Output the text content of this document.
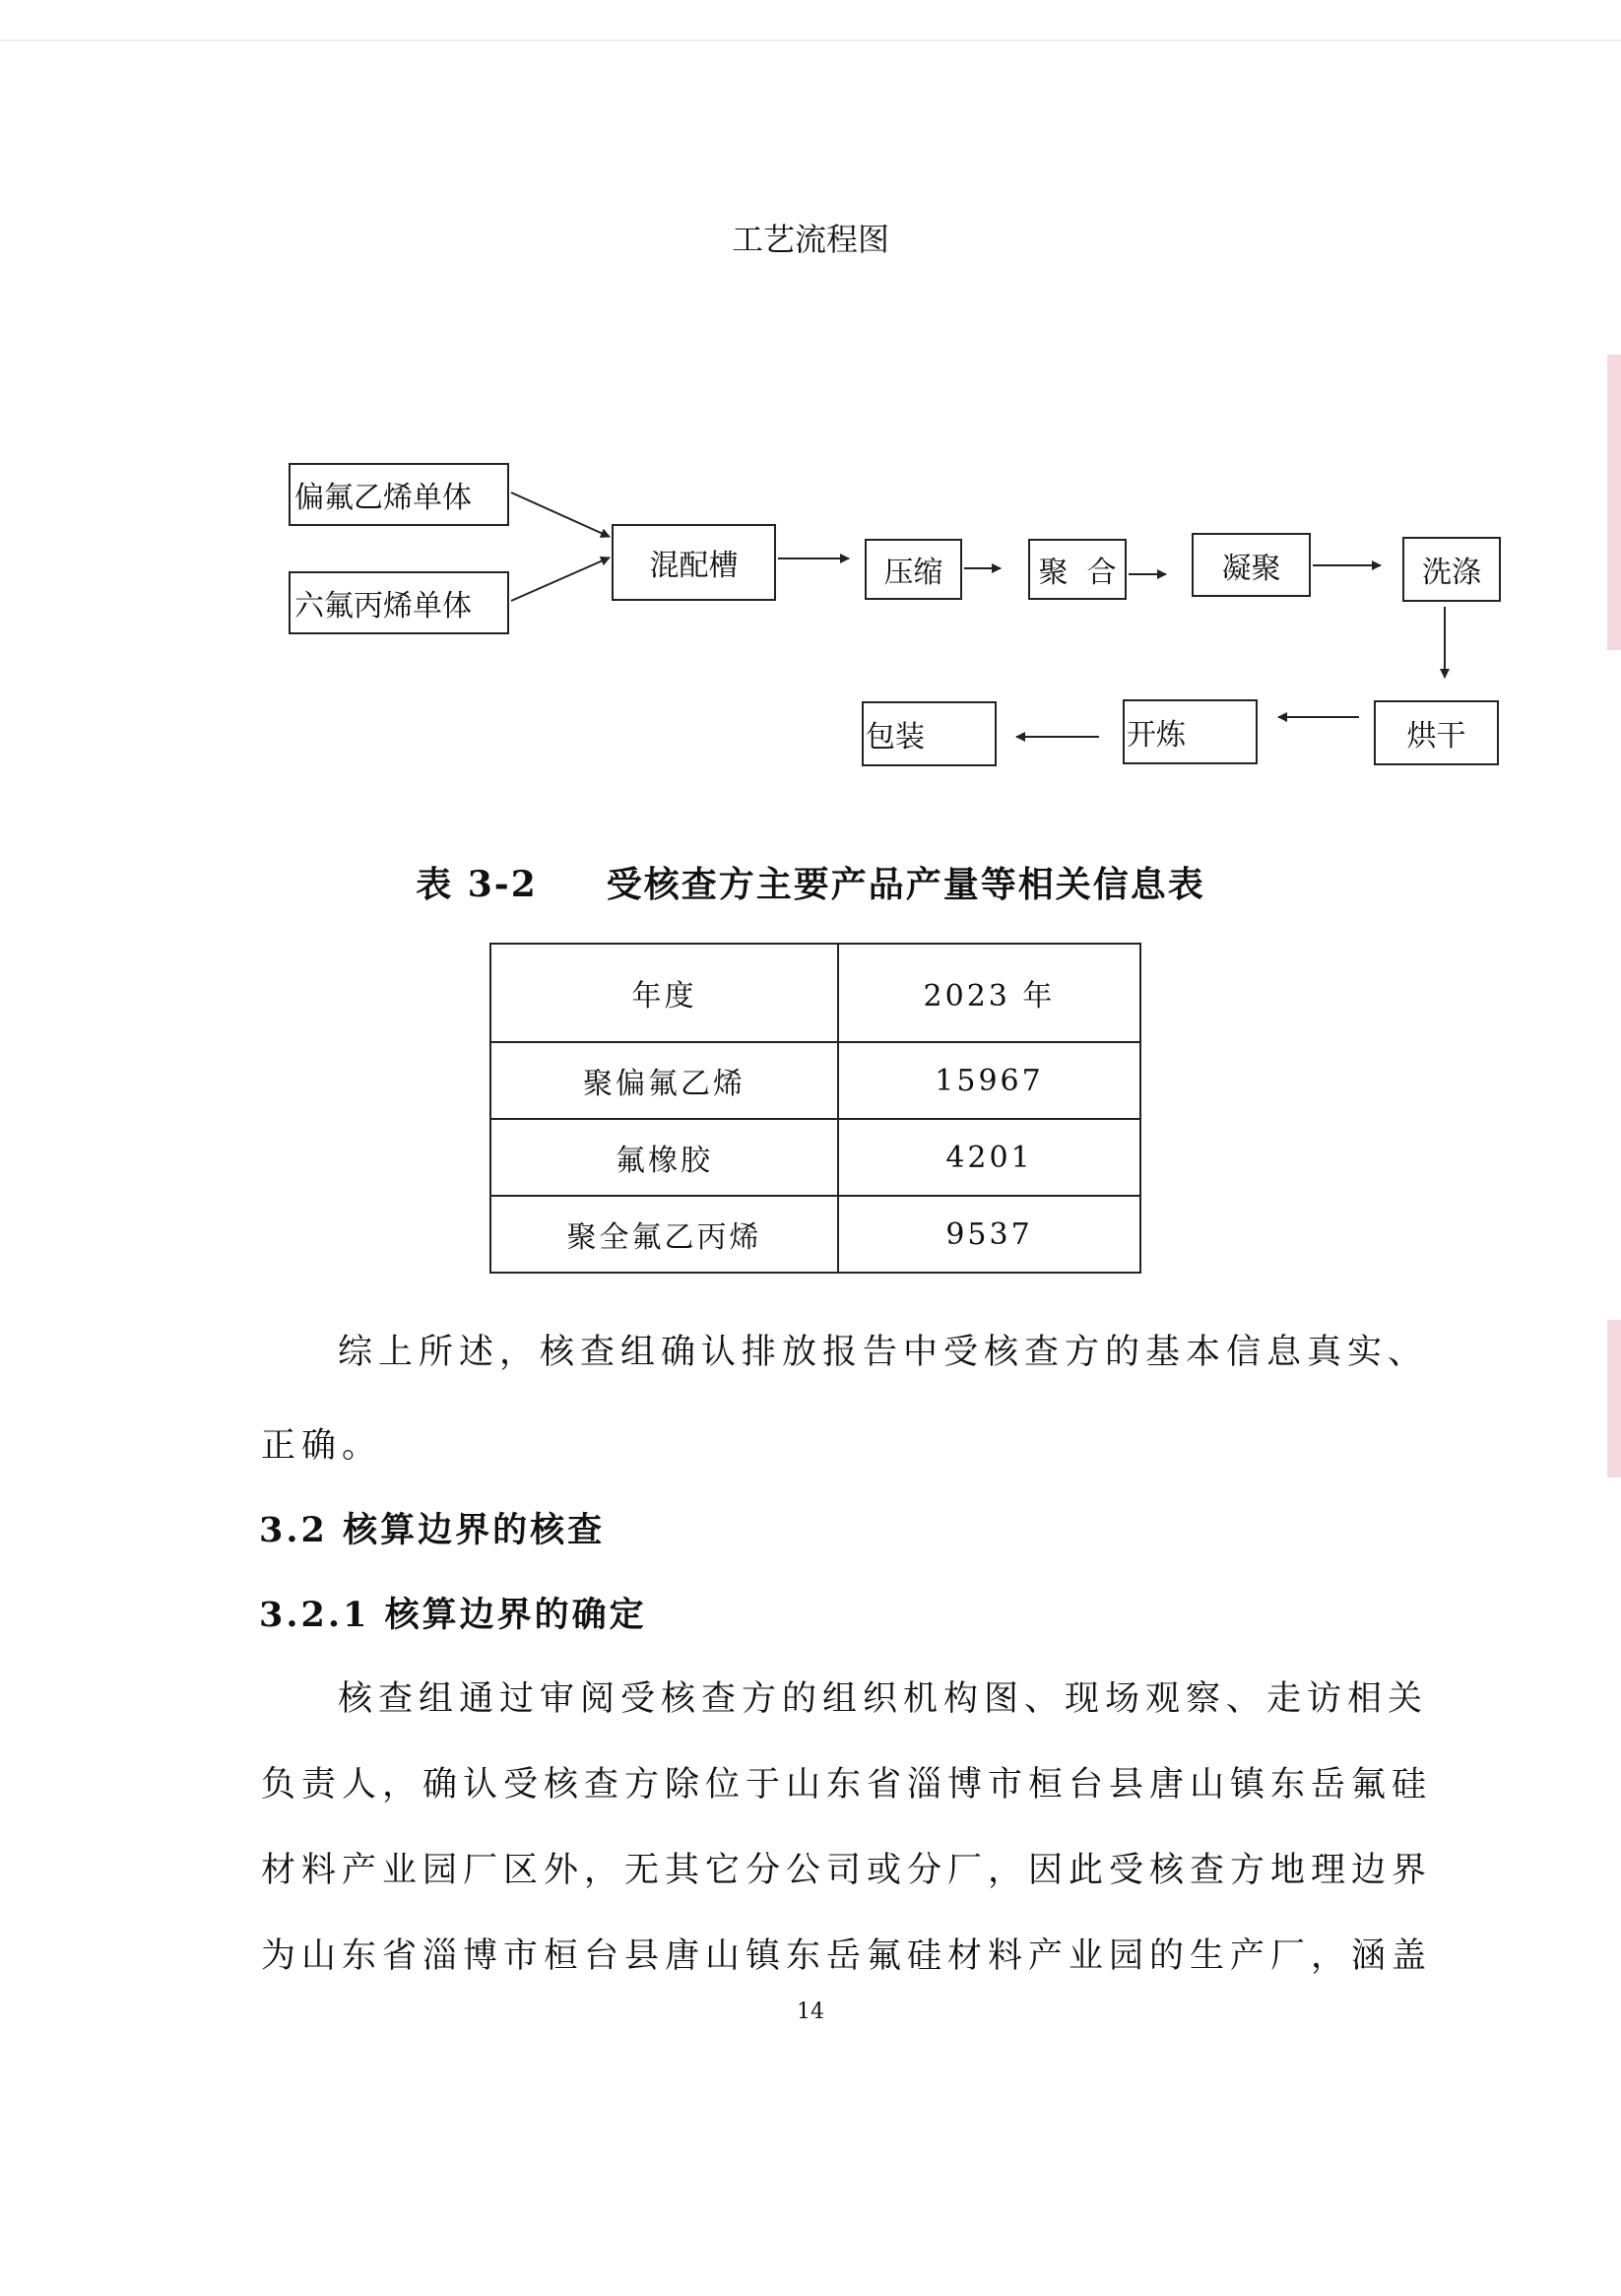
工艺流程图
偏氟乙烯单体
六氟丙烯单体
混配槽	压缩	聚  合	凝聚	洗涤
烘干
开炼
包装
表 3-2 受核查方主要产品产量等相关信息表
年度	2023 年
聚偏氟乙烯	15967
氟橡胶	4201
聚全氟乙丙烯	9537
综上所述，核查组确认排放报告中受核查方的基本信息真实、
正确。
3.2 核算边界的核查
3.2.1 核算边界的确定
核查组通过审阅受核查方的组织机构图、现场观察、走访相关
负责人，确认受核查方除位于山东省淄博市桓台县唐山镇东岳氟硅
材料产业园厂区外，无其它分公司或分厂，因此受核查方地理边界
为山东省淄博市桓台县唐山镇东岳氟硅材料产业园的生产厂，涵盖
14
